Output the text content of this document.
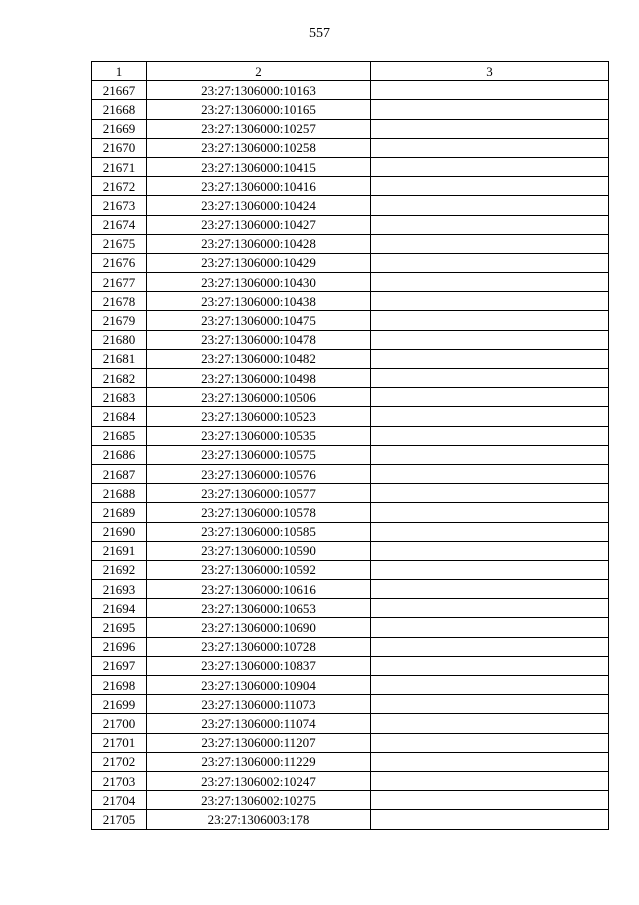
557
1	2	3
21667	23:27:1306000:10163	
21668	23:27:1306000:10165	
21669	23:27:1306000:10257	
21670	23:27:1306000:10258	
21671	23:27:1306000:10415	
21672	23:27:1306000:10416	
21673	23:27:1306000:10424	
21674	23:27:1306000:10427	
21675	23:27:1306000:10428	
21676	23:27:1306000:10429	
21677	23:27:1306000:10430	
21678	23:27:1306000:10438	
21679	23:27:1306000:10475	
21680	23:27:1306000:10478	
21681	23:27:1306000:10482	
21682	23:27:1306000:10498	
21683	23:27:1306000:10506	
21684	23:27:1306000:10523	
21685	23:27:1306000:10535	
21686	23:27:1306000:10575	
21687	23:27:1306000:10576	
21688	23:27:1306000:10577	
21689	23:27:1306000:10578	
21690	23:27:1306000:10585	
21691	23:27:1306000:10590	
21692	23:27:1306000:10592	
21693	23:27:1306000:10616	
21694	23:27:1306000:10653	
21695	23:27:1306000:10690	
21696	23:27:1306000:10728	
21697	23:27:1306000:10837	
21698	23:27:1306000:10904	
21699	23:27:1306000:11073	
21700	23:27:1306000:11074	
21701	23:27:1306000:11207	
21702	23:27:1306000:11229	
21703	23:27:1306002:10247	
21704	23:27:1306002:10275	
21705	23:27:1306003:178	
